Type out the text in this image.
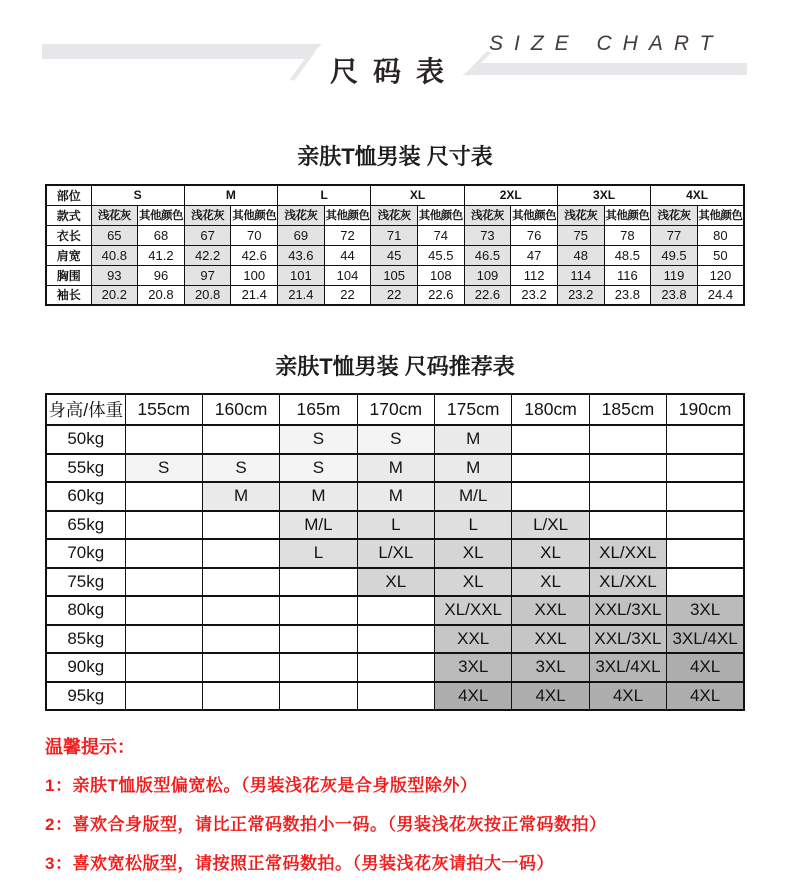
尺码表
SIZE CHART
亲肤T恤男装 尺寸表
部位	S		M		L		XL		2XL		3XL		4XL	
款式	浅花灰	其他颜色	浅花灰	其他颜色	浅花灰	其他颜色	浅花灰	其他颜色	浅花灰	其他颜色	浅花灰	其他颜色	浅花灰	其他颜色
衣长	65	68	67	70	69	72	71	74	73	76	75	78	77	80
肩宽	40.8	41.2	42.2	42.6	43.6	44	45	45.5	46.5	47	48	48.5	49.5	50
胸围	93	96	97	100	101	104	105	108	109	112	114	116	119	120
袖长	20.2	20.8	20.8	21.4	21.4	22	22	22.6	22.6	23.2	23.2	23.8	23.8	24.4
亲肤T恤男装 尺码推荐表
身高/体重	155cm	160cm	165m	170cm	175cm	180cm	185cm	190cm
50kg			S	S	M			
55kg	S	S	S	M	M			
60kg		M	M	M	M/L			
65kg			M/L	L	L	L/XL		
70kg			L	L/XL	XL	XL	XL/XXL	
75kg				XL	XL	XL	XL/XXL	
80kg					XL/XXL	XXL	XXL/3XL	3XL
85kg					XXL	XXL	XXL/3XL	3XL/4XL
90kg					3XL	3XL	3XL/4XL	4XL
95kg					4XL	4XL	4XL	4XL
温馨提示：
1：亲肤T恤版型偏宽松。（男装浅花灰是合身版型除外）
2：喜欢合身版型，请比正常码数拍小一码。（男装浅花灰按正常码数拍）
3：喜欢宽松版型，请按照正常码数拍。（男装浅花灰请拍大一码）
